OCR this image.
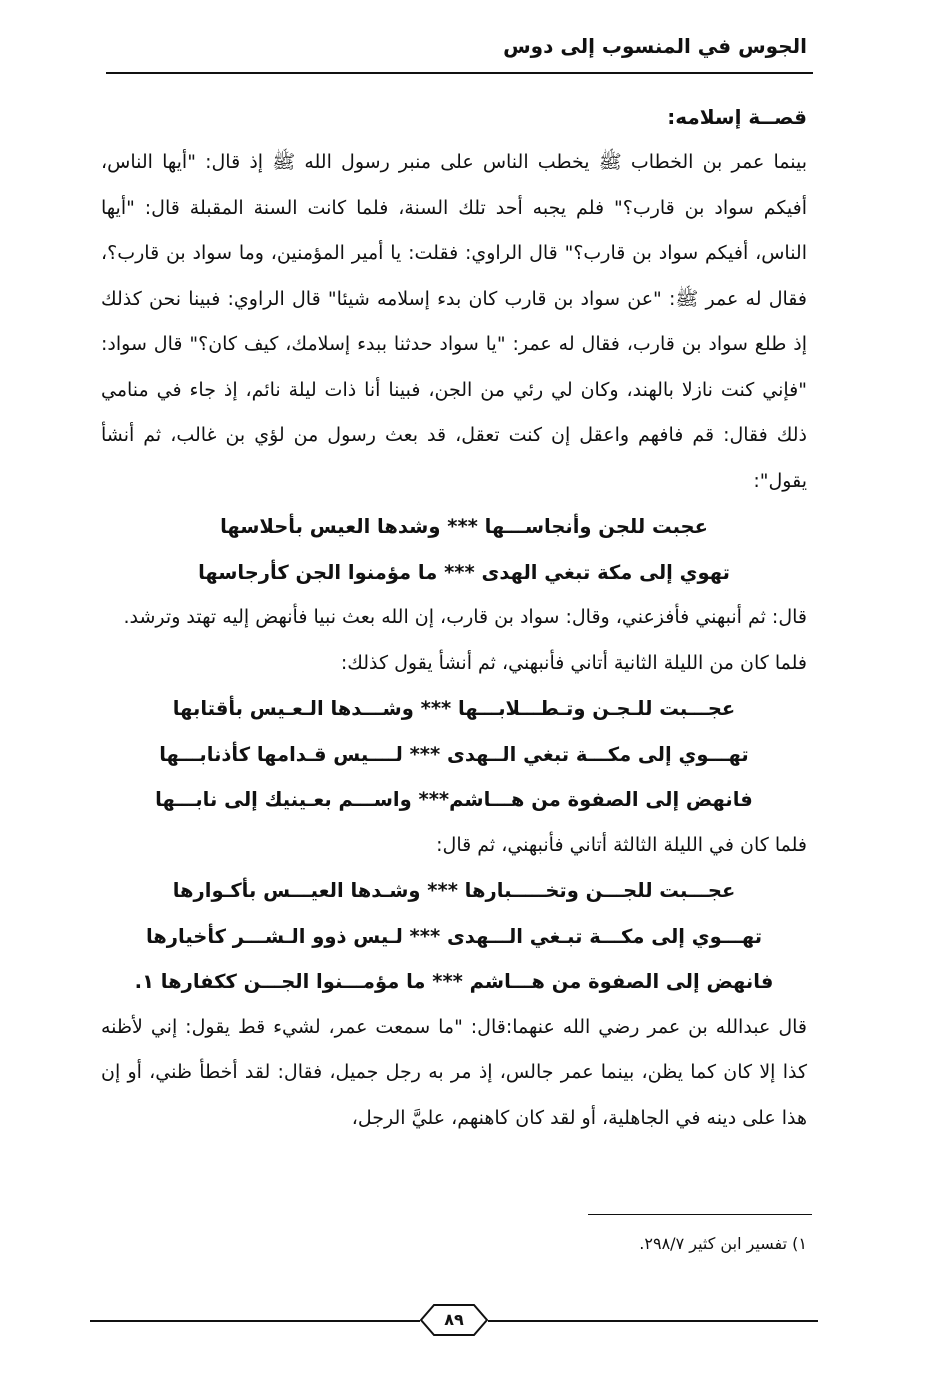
الجوس في المنسوب إلى دوس
قصــة إسلامه:

بينما عمر بن الخطاب ﷺ يخطب الناس على منبر رسول الله ﷺ إذ قال: "أيها الناس، أفيكم سواد بن قارب؟" فلم يجبه أحد تلك السنة، فلما كانت السنة المقبلة قال: "أيها الناس، أفيكم سواد بن قارب؟" قال الراوي: فقلت: يا أمير المؤمنين، وما سواد بن قارب؟، فقال له عمر ﷺ: "عن سواد بن قارب كان بدء إسلامه شيئا" قال الراوي: فبينا نحن كذلك إذ طلع سواد بن قارب، فقال له عمر: "يا سواد حدثنا ببدء إسلامك، كيف كان؟" قال سواد: "فإني كنت نازلا بالهند، وكان لي رئي من الجن، فبينا أنا ذات ليلة نائم، إذ جاء في منامي ذلك فقال: قم فافهم واعقل إن كنت تعقل، قد بعث رسول من لؤي بن غالب، ثم أنشأ يقول":

عجبت للجن وأنجاســـها *** وشدها العيس بأحلاسها
تهوي إلى مكة تبغي الهدى *** ما مؤمنوا الجن كأرجاسها

قال: ثم أنبهني فأفزعني، وقال: سواد بن قارب، إن الله بعث نبيا فأنهض إليه تهتد وترشد.

فلما كان من الليلة الثانية أتاني فأنبهني، ثم أنشأ يقول كذلك:
عجـــبت للـجـن وتـطـــلابـــها *** وشـــدها الـعـيس بأقتابها
تهـــوي إلى مكـــة تبغي الــهدى *** لــــيس قـدامها كأذنابـــها
فانهض إلى الصفوة من هـــاشم*** واســـم بعـينيك إلى نابـــها
فلما كان في الليلة الثالثة أتاني فأنبهني، ثم قال:
عجـــبت للجـــن وتخـــــبارها *** وشـدها العيـــس بأكـوارها
تهـــوي إلى مكـــة تبـغي الـــهدى *** لـيس ذوو الـشـــر كأخيارها
فانهض إلى الصفوة من هـــاشم *** ما مؤمـــنوا الجـــن ككفارها ١.

قال عبدالله بن عمر رضي الله عنهما:قال: "ما سمعت عمر، لشيء قط يقول: إني لأظنه كذا إلا كان كما يظن، بينما عمر جالس، إذ مر به رجل جميل، فقال: لقد أخطأ ظني، أو إن هذا على دينه في الجاهلية، أو لقد كان كاهنهم، عليَّ الرجل،

١) تفسير ابن كثير ٢٩٨/٧.
٨٩
